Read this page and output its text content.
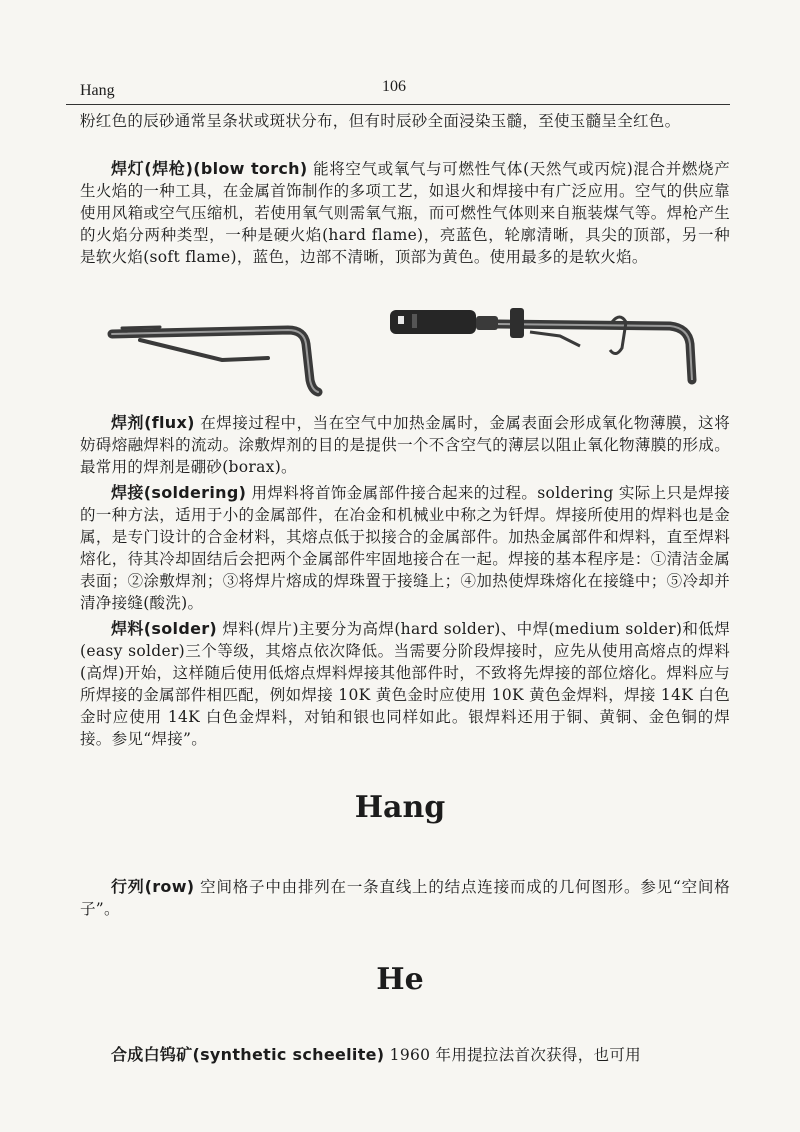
Hang	106
粉红色的辰砂通常呈条状或斑状分布，但有时辰砂全面浸染玉髓，至使玉髓呈全红色。
焊灯(焊枪)(blow torch) 能将空气或氧气与可燃性气体(天然气或丙烷)混合并燃烧产生火焰的一种工具，在金属首饰制作的多项工艺，如退火和焊接中有广泛应用。空气的供应靠使用风箱或空气压缩机，若使用氧气则需氧气瓶，而可燃性气体则来自瓶装煤气等。焊枪产生的火焰分两种类型，一种是硬火焰(hard flame)，亮蓝色，轮廓清晰，具尖的顶部，另一种是软火焰(soft flame)，蓝色，边部不清晰，顶部为黄色。使用最多的是软火焰。
焊剂(flux) 在焊接过程中，当在空气中加热金属时，金属表面会形成氧化物薄膜，这将妨碍熔融焊料的流动。涂敷焊剂的目的是提供一个不含空气的薄层以阻止氧化物薄膜的形成。最常用的焊剂是硼砂(borax)。
焊接(soldering) 用焊料将首饰金属部件接合起来的过程。soldering 实际上只是焊接的一种方法，适用于小的金属部件，在冶金和机械业中称之为钎焊。焊接所使用的焊料也是金属，是专门设计的合金材料，其熔点低于拟接合的金属部件。加热金属部件和焊料，直至焊料熔化，待其冷却固结后会把两个金属部件牢固地接合在一起。焊接的基本程序是：①清洁金属表面；②涂敷焊剂；③将焊片熔成的焊珠置于接缝上；④加热使焊珠熔化在接缝中；⑤冷却并清净接缝(酸洗)。
焊料(solder) 焊料(焊片)主要分为高焊(hard solder)、中焊(medium solder)和低焊(easy solder)三个等级，其熔点依次降低。当需要分阶段焊接时，应先从使用高熔点的焊料(高焊)开始，这样随后使用低熔点焊料焊接其他部件时，不致将先焊接的部位熔化。焊料应与所焊接的金属部件相匹配，例如焊接 10K 黄色金时应使用 10K 黄色金焊料，焊接 14K 白色金时应使用 14K 白色金焊料，对铂和银也同样如此。银焊料还用于铜、黄铜、金色铜的焊接。参见“焊接”。
Hang
行列(row) 空间格子中由排列在一条直线上的结点连接而成的几何图形。参见“空间格子”。
He
合成白钨矿(synthetic scheelite) 1960 年用提拉法首次获得，也可用
